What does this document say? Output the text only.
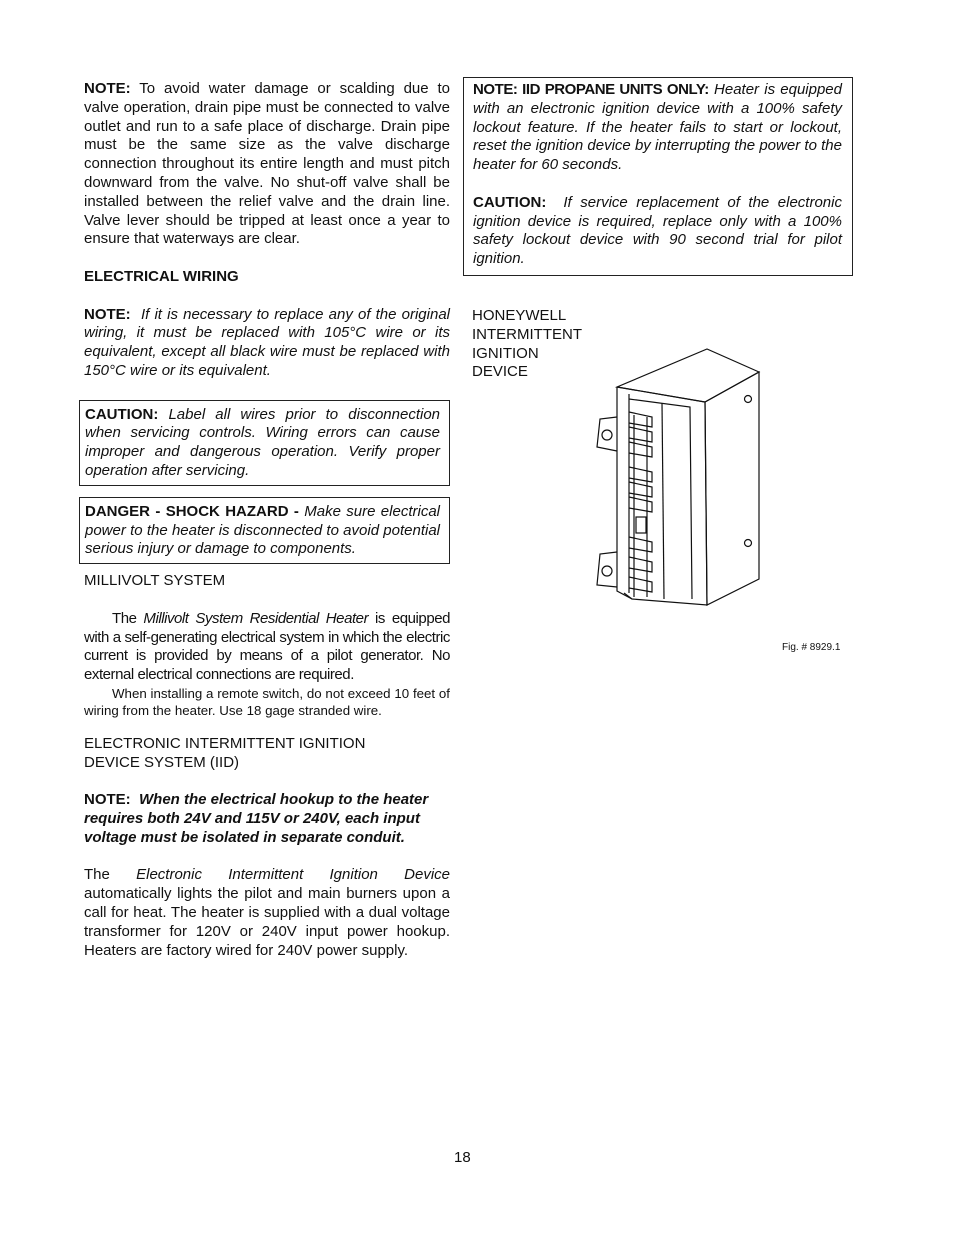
NOTE: To avoid water damage or scalding due to valve operation, drain pipe must be connected to valve outlet and run to a safe place of discharge. Drain pipe must be the same size as the valve discharge connection throughout its entire length and must pitch downward from the valve. No shut-off valve shall be installed between the relief valve and the drain line. Valve lever should be tripped at least once a year to ensure that waterways are clear.

ELECTRICAL WIRING

NOTE: If it is necessary to replace any of the original wiring, it must be replaced with 105°C wire or its equivalent, except all black wire must be replaced with 150°C wire or its equivalent.

CAUTION: Label all wires prior to disconnection when servicing controls. Wiring errors can cause improper and dangerous operation. Verify proper operation after servicing.
DANGER - SHOCK HAZARD - Make sure electrical power to the heater is disconnected to avoid potential serious injury or damage to components.

MILLIVOLT SYSTEM

The Millivolt System Residential Heater is equipped with a self-generating electrical system in which the electric current is provided by means of a pilot generator. No external electrical connections are required.

When installing a remote switch, do not exceed 10 feet of wiring from the heater. Use 18 gage stranded wire.

ELECTRONIC INTERMITTENT IGNITION
DEVICE SYSTEM (IID)

NOTE: When the electrical hookup to the heater requires both 24V and 115V or 240V, each input voltage must be isolated in separate conduit.

The Electronic Intermittent Ignition Device automatically lights the pilot and main burners upon a call for heat. The heater is supplied with a dual voltage transformer for 120V or 240V input power hookup. Heaters are factory wired for 240V power supply.

NOTE: IID PROPANE UNITS ONLY: Heater is equipped with an electronic ignition device with a 100% safety lockout feature. If the heater fails to start or lockout, reset the ignition device by interrupting the power to the heater for 60 seconds.

CAUTION: If service replacement of the electronic ignition device is required, replace only with a 100% safety lockout device with 90 second trial for pilot ignition.

HONEYWELL
INTERMITTENT
IGNITION
DEVICE

Fig. # 8929.1
18
